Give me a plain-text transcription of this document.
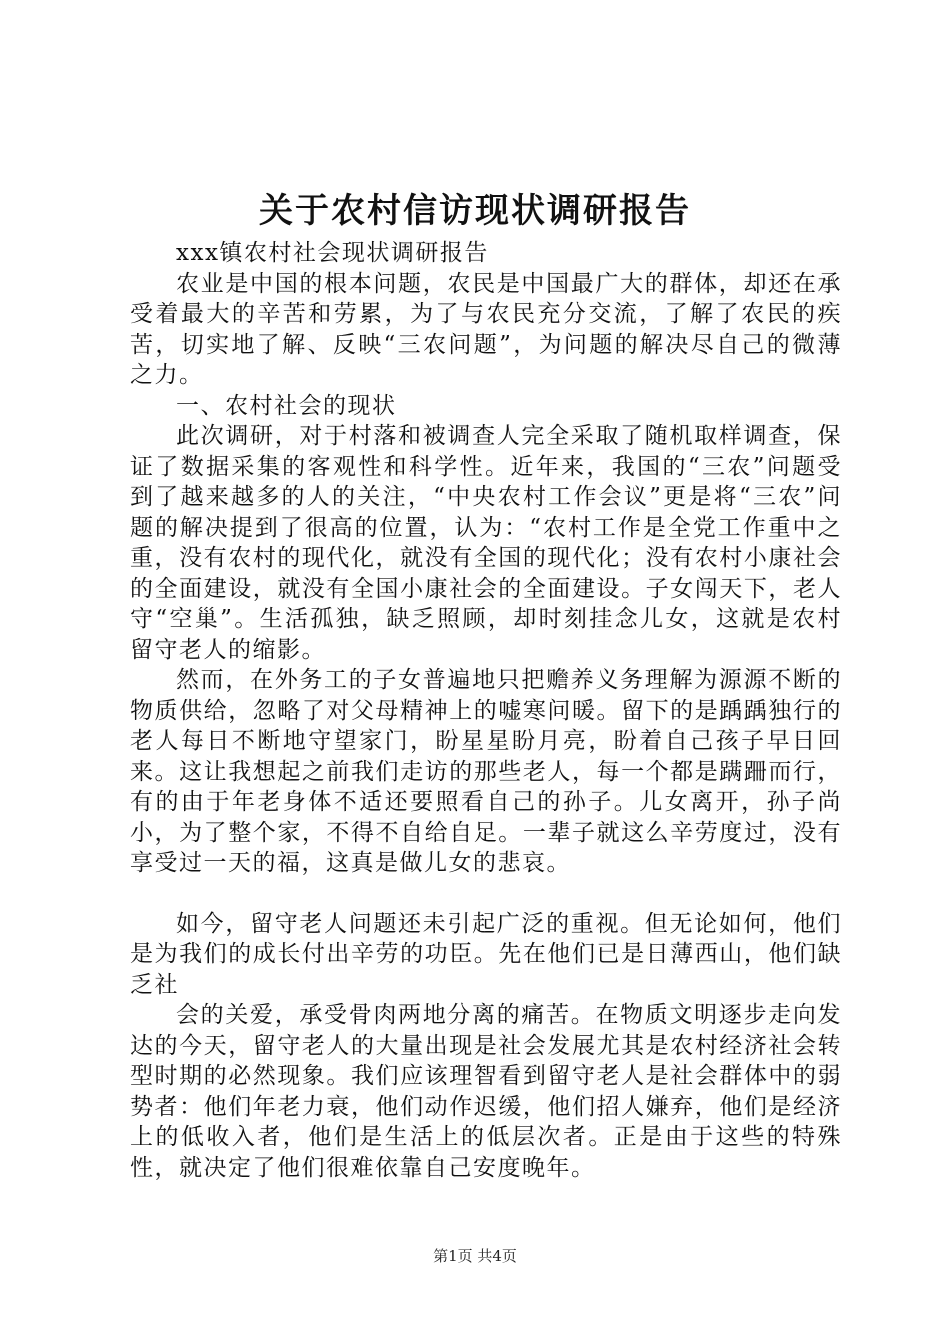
关于农村信访现状调研报告

xxx镇农村社会现状调研报告

农业是中国的根本问题，农民是中国最广大的群体，却还在承受着最大的辛苦和劳累，为了与农民充分交流，了解了农民的疾苦，切实地了解、反映“三农问题”，为问题的解决尽自己的微薄之力。

一、农村社会的现状

此次调研，对于村落和被调查人完全采取了随机取样调查，保证了数据采集的客观性和科学性。近年来，我国的“三农”问题受到了越来越多的人的关注，“中央农村工作会议”更是将“三农”问题的解决提到了很高的位置，认为：“农村工作是全党工作重中之重，没有农村的现代化，就没有全国的现代化；没有农村小康社会的全面建设，就没有全国小康社会的全面建设。子女闯天下，老人守“空巢”。生活孤独，缺乏照顾，却时刻挂念儿女，这就是农村留守老人的缩影。

然而，在外务工的子女普遍地只把赡养义务理解为源源不断的物质供给，忽略了对父母精神上的嘘寒问暖。留下的是踽踽独行的老人每日不断地守望家门，盼星星盼月亮，盼着自己孩子早日回来。这让我想起之前我们走访的那些老人，每一个都是蹒跚而行，有的由于年老身体不适还要照看自己的孙子。儿女离开，孙子尚小，为了整个家，不得不自给自足。一辈子就这么辛劳度过，没有享受过一天的福，这真是做儿女的悲哀。

如今，留守老人问题还未引起广泛的重视。但无论如何，他们是为我们的成长付出辛劳的功臣。先在他们已是日薄西山，他们缺乏社

会的关爱，承受骨肉两地分离的痛苦。在物质文明逐步走向发达的今天，留守老人的大量出现是社会发展尤其是农村经济社会转型时期的必然现象。我们应该理智看到留守老人是社会群体中的弱势者：他们年老力衰，他们动作迟缓，他们招人嫌弃，他们是经济上的低收入者，他们是生活上的低层次者。正是由于这些的特殊性，就决定了他们很难依靠自己安度晚年。

第1页 共4页
